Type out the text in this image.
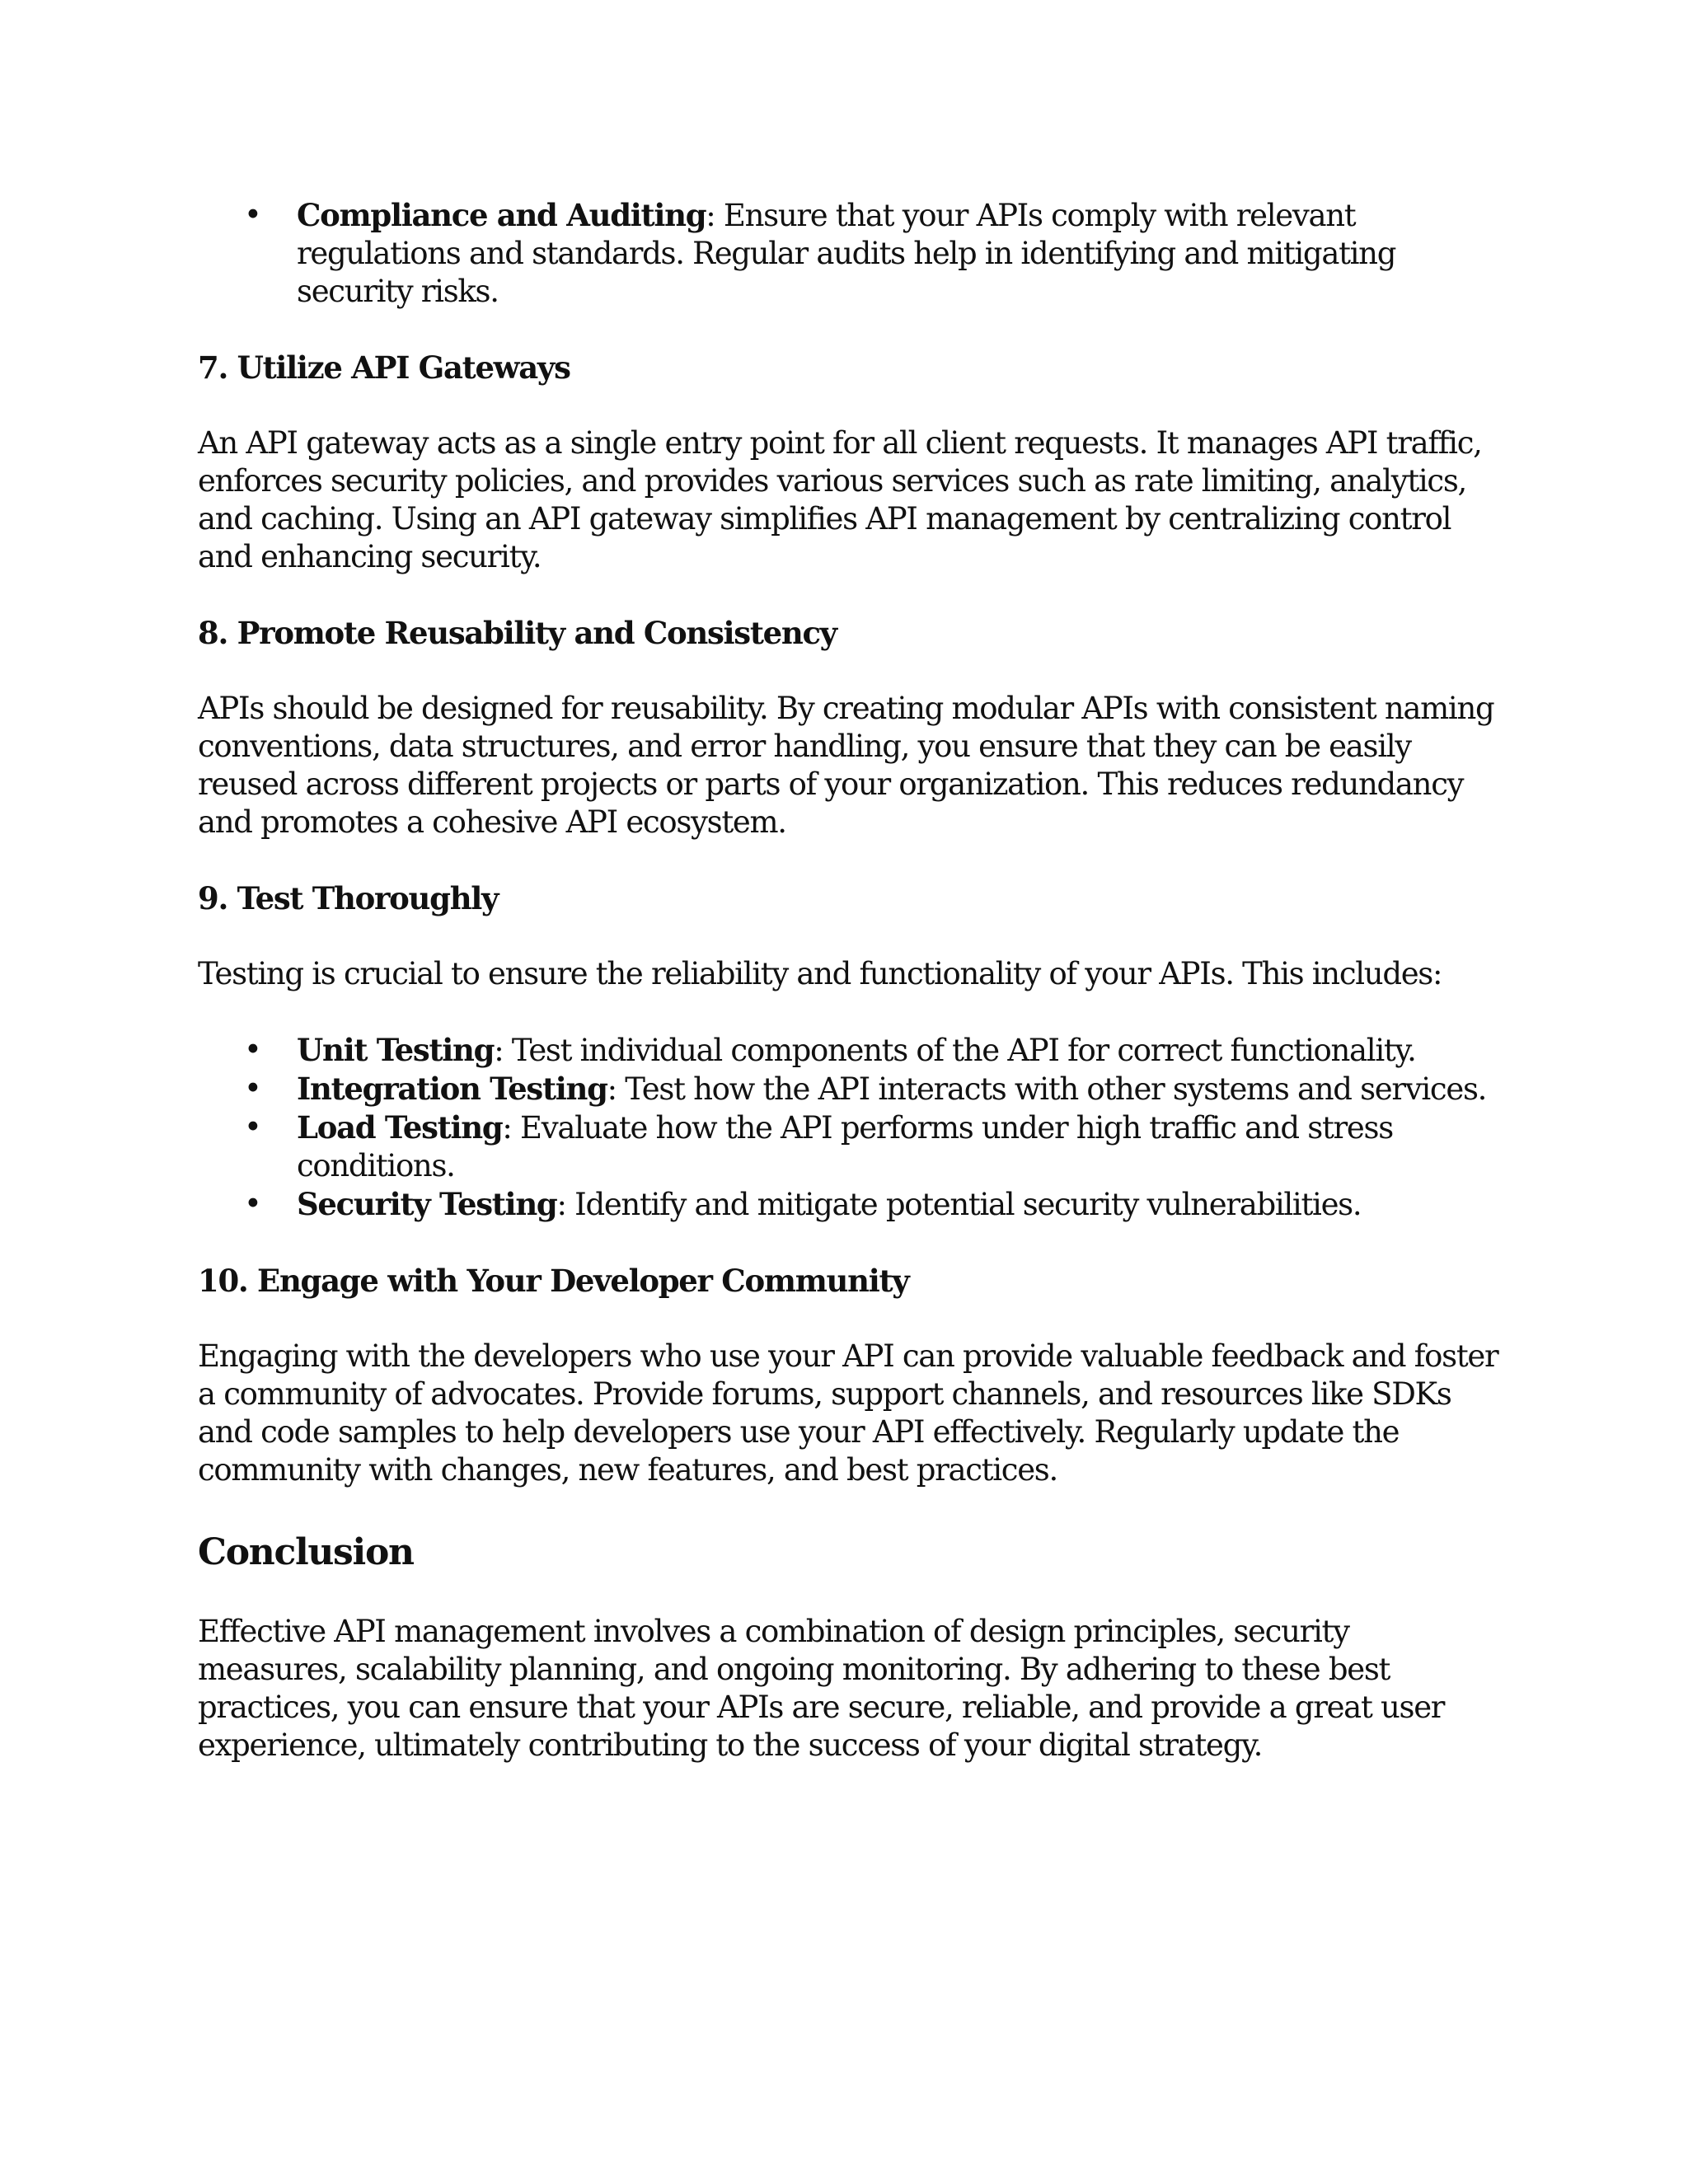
• Compliance and Auditing: Ensure that your APIs comply with relevant regulations and standards. Regular audits help in identifying and mitigating security risks.
7. Utilize API Gateways

An API gateway acts as a single entry point for all client requests. It manages API traffic, enforces security policies, and provides various services such as rate limiting, analytics, and caching. Using an API gateway simplifies API management by centralizing control and enhancing security.

8. Promote Reusability and Consistency

APIs should be designed for reusability. By creating modular APIs with consistent naming conventions, data structures, and error handling, you ensure that they can be easily reused across different projects or parts of your organization. This reduces redundancy and promotes a cohesive API ecosystem.

9. Test Thoroughly

Testing is crucial to ensure the reliability and functionality of your APIs. This includes:

• Unit Testing: Test individual components of the API for correct functionality.
• Integration Testing: Test how the API interacts with other systems and services.
• Load Testing: Evaluate how the API performs under high traffic and stress conditions.
• Security Testing: Identify and mitigate potential security vulnerabilities.
10. Engage with Your Developer Community

Engaging with the developers who use your API can provide valuable feedback and foster a community of advocates. Provide forums, support channels, and resources like SDKs and code samples to help developers use your API effectively. Regularly update the community with changes, new features, and best practices.

Conclusion

Effective API management involves a combination of design principles, security measures, scalability planning, and ongoing monitoring. By adhering to these best practices, you can ensure that your APIs are secure, reliable, and provide a great user experience, ultimately contributing to the success of your digital strategy.
